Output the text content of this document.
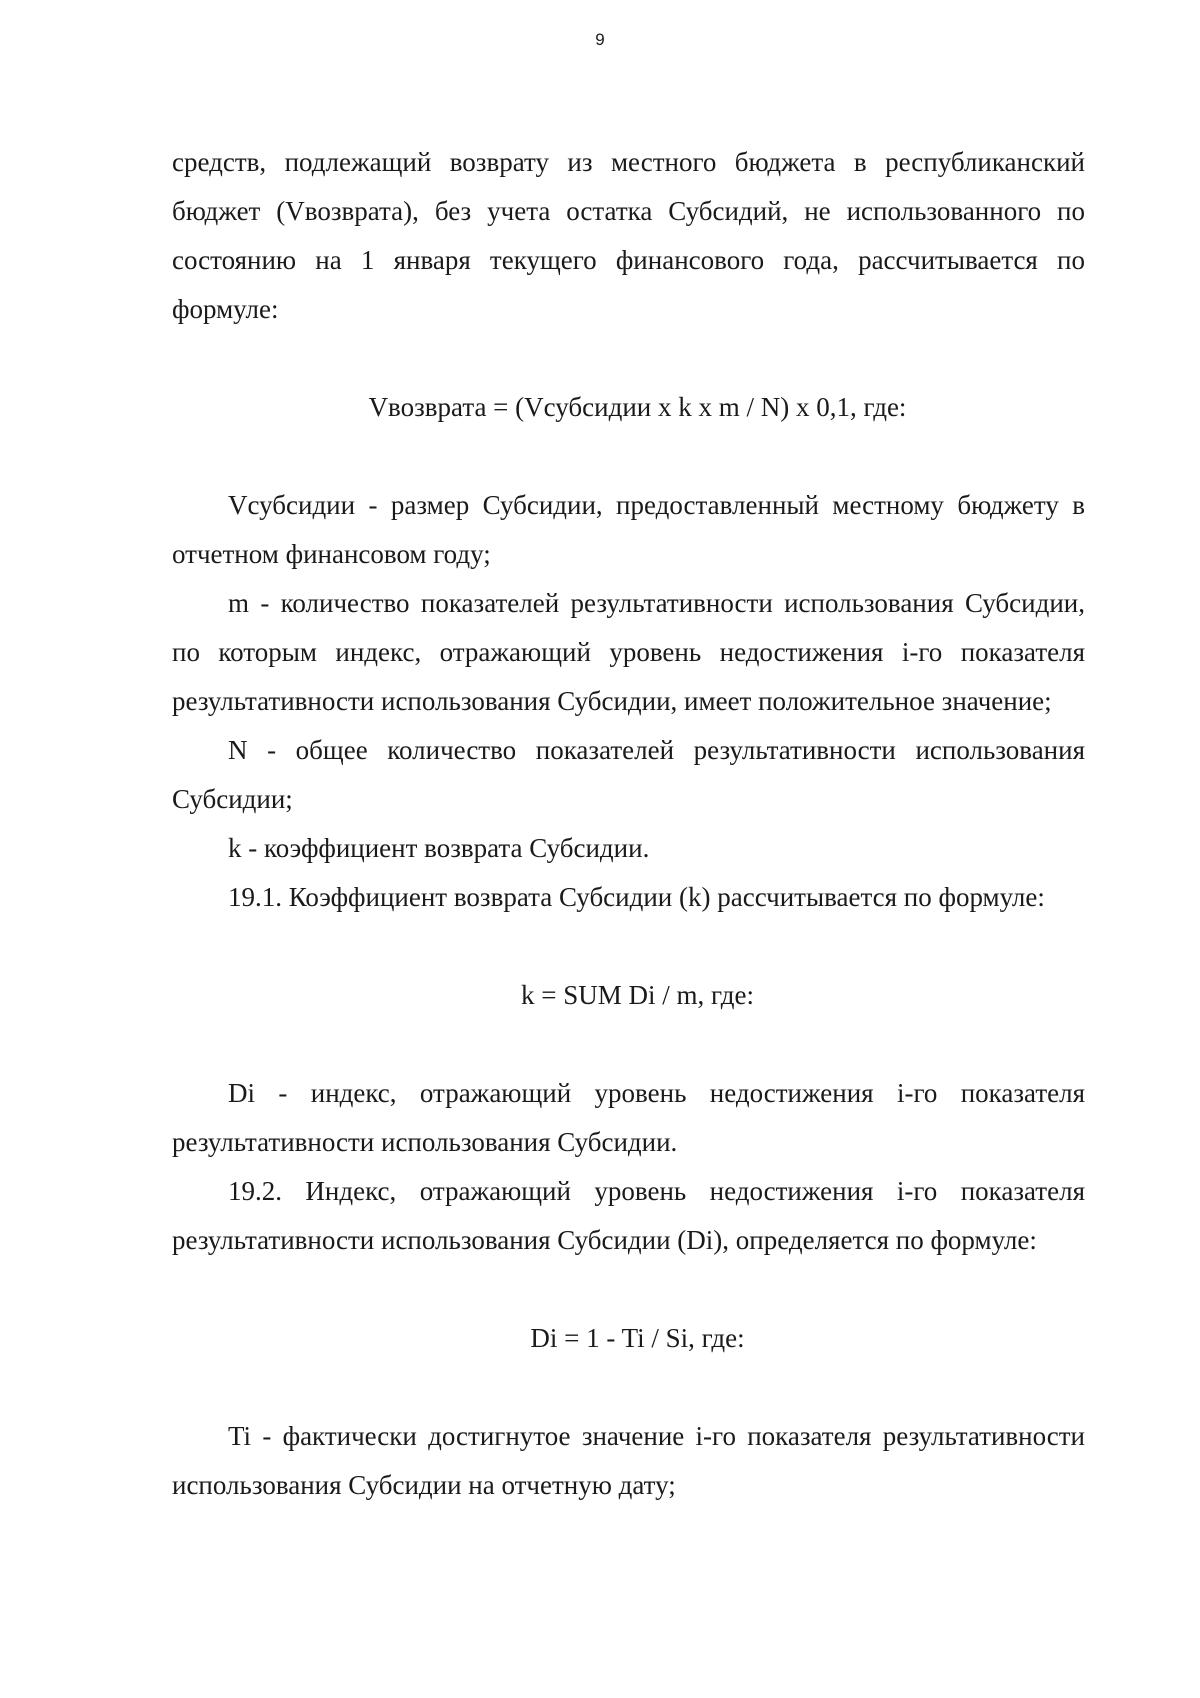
9

средств, подлежащий возврату из местного бюджета в республиканский бюджет (Vвозврата), без учета остатка Субсидий, не использованного по состоянию на 1 января текущего финансового года, рассчитывается по формуле:

Vвозврата = (Vсубсидии x k x m / N) x 0,1, где:

Vсубсидии - размер Субсидии, предоставленный местному бюджету в отчетном финансовом году;

m - количество показателей результативности использования Субсидии, по которым индекс, отражающий уровень недостижения i-го показателя результативности использования Субсидии, имеет положительное значение;

N - общее количество показателей результативности использования Субсидии;

k - коэффициент возврата Субсидии.

19.1. Коэффициент возврата Субсидии (k) рассчитывается по формуле:

k = SUM Di / m, где:

Di - индекс, отражающий уровень недостижения i-го показателя результативности использования Субсидии.

19.2. Индекс, отражающий уровень недостижения i-го показателя результативности использования Субсидии (Di), определяется по формуле:

Di = 1 - Ti / Si, где:

Ti - фактически достигнутое значение i-го показателя результативности использования Субсидии на отчетную дату;
